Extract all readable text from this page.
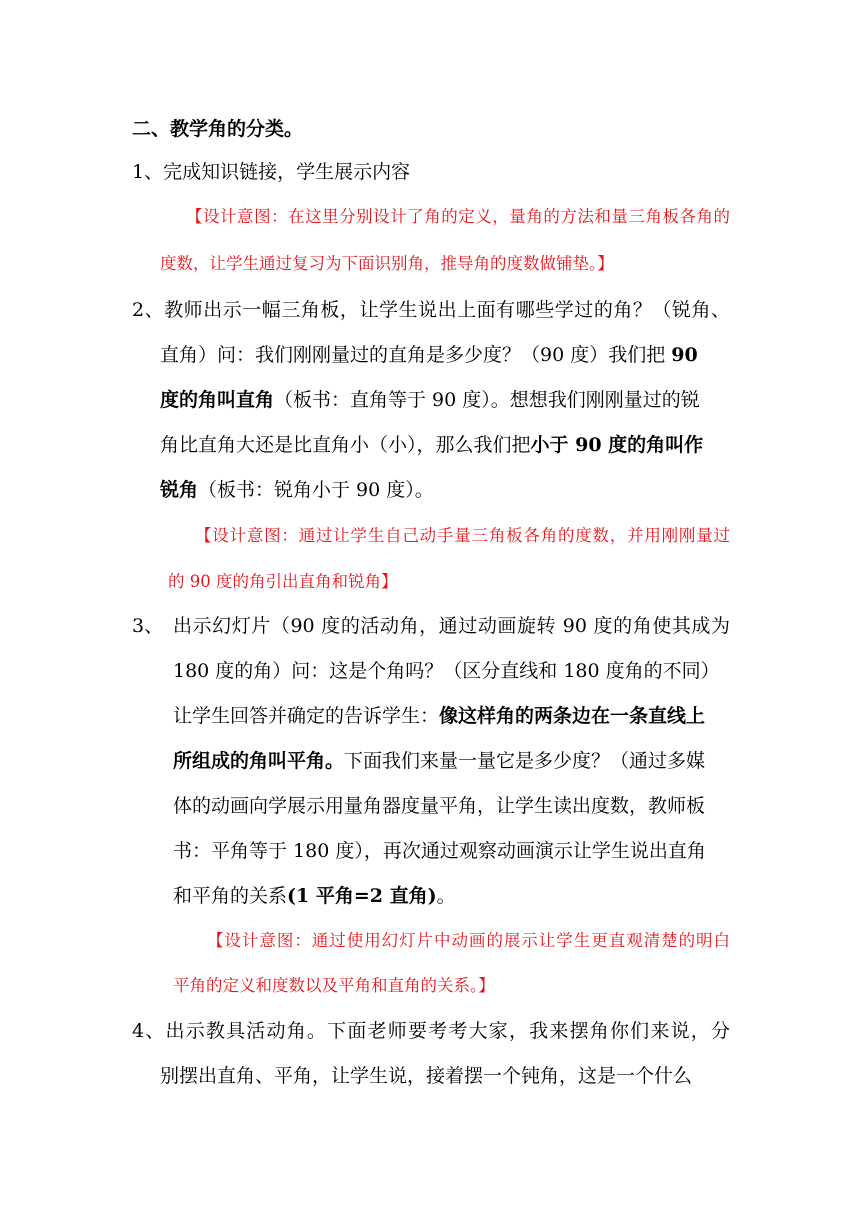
二、教学角的分类。
1、完成知识链接，学生展示内容
【设计意图：在这里分别设计了角的定义，量角的方法和量三角板各角的
度数，让学生通过复习为下面识别角，推导角的度数做铺垫。】
2、教师出示一幅三角板，让学生说出上面有哪些学过的角？（锐角、
直角）问：我们刚刚量过的直角是多少度？（90 度）我们把 90
度的角叫直角（板书：直角等于 90 度）。想想我们刚刚量过的锐
角比直角大还是比直角小（小），那么我们把小于 90 度的角叫作
锐角（板书：锐角小于 90 度）。
【设计意图：通过让学生自己动手量三角板各角的度数，并用刚刚量过
的 90 度的角引出直角和锐角】
3、 出示幻灯片（90 度的活动角，通过动画旋转 90 度的角使其成为
180 度的角）问：这是个角吗？（区分直线和 180 度角的不同）
让学生回答并确定的告诉学生：像这样角的两条边在一条直线上
所组成的角叫平角。下面我们来量一量它是多少度？（通过多媒
体的动画向学展示用量角器度量平角，让学生读出度数，教师板
书：平角等于 180 度），再次通过观察动画演示让学生说出直角
和平角的关系(1 平角=2 直角)。
【设计意图：通过使用幻灯片中动画的展示让学生更直观清楚的明白
平角的定义和度数以及平角和直角的关系。】
4、出示教具活动角。下面老师要考考大家，我来摆角你们来说，分
别摆出直角、平角，让学生说，接着摆一个钝角，这是一个什么
